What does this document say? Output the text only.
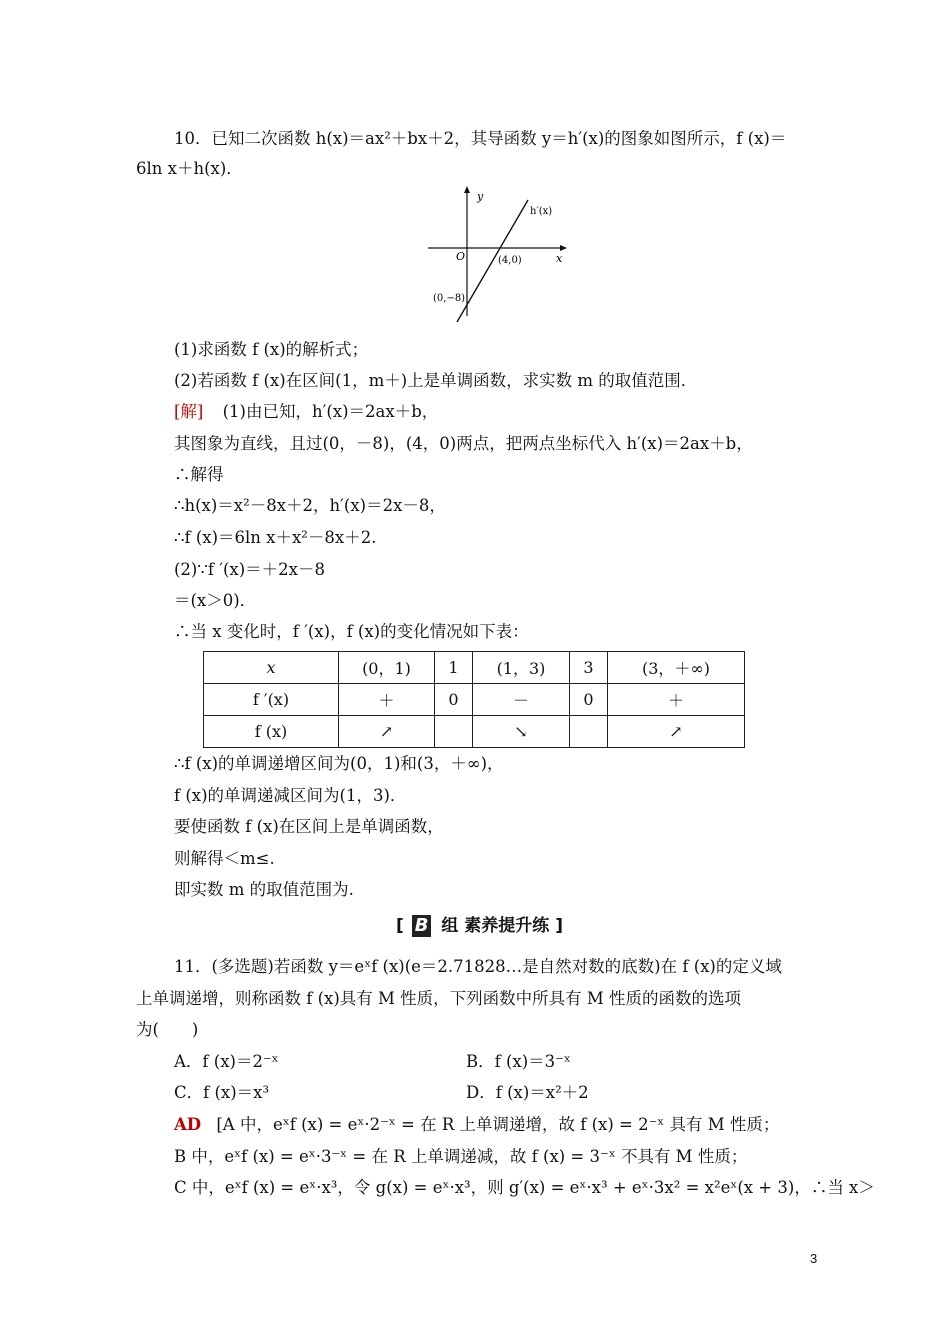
10．已知二次函数 h(x)＝ax²＋bx＋2，其导函数 y＝h′(x)的图象如图所示，f (x)＝
6ln x＋h(x)．
y
x
O
h′(x)
(4,0)
(0,−8)
(1)求函数 f (x)的解析式；
(2)若函数 f (x)在区间(1，m＋)上是单调函数，求实数 m 的取值范围．
[解] (1)由已知，h′(x)＝2ax＋b，
其图象为直线，且过(0，－8)，(4，0)两点，把两点坐标代入 h′(x)＝2ax＋b，
∴解得
∴h(x)＝x²－8x＋2，h′(x)＝2x－8，
∴f (x)＝6ln x＋x²－8x＋2.
(2)∵f ′(x)＝＋2x－8
＝(x＞0)．
∴当 x 变化时，f ′(x)，f (x)的变化情况如下表：
x	(0，1)	1	(1，3)	3	(3，＋∞)
f ′(x)	＋	0	－	0	＋
f (x)	↗		↘		↗
∴f (x)的单调递增区间为(0，1)和(3，＋∞)，
f (x)的单调递减区间为(1，3)．
要使函数 f (x)在区间上是单调函数，
则解得＜m≤.
即实数 m 的取值范围为.
[ B 组 素养提升练 ]
11．(多选题)若函数 y＝eˣf (x)(e＝2.71828…是自然对数的底数)在 f (x)的定义域
上单调递增，则称函数 f (x)具有 M 性质，下列函数中所具有 M 性质的函数的选项
为(　　)
A．f (x)＝2⁻ˣ	B．f (x)＝3⁻ˣ
C．f (x)＝x³	D．f (x)＝x²＋2
AD [A 中，eˣf (x) = eˣ·2⁻ˣ = 在 R 上单调递增，故 f (x) = 2⁻ˣ 具有 M 性质；
B 中，eˣf (x) = eˣ·3⁻ˣ = 在 R 上单调递减，故 f (x) = 3⁻ˣ 不具有 M 性质；
C 中，eˣf (x) = eˣ·x³，令 g(x) = eˣ·x³，则 g′(x) = eˣ·x³ + eˣ·3x² = x²eˣ(x + 3)，∴当 x＞
3
